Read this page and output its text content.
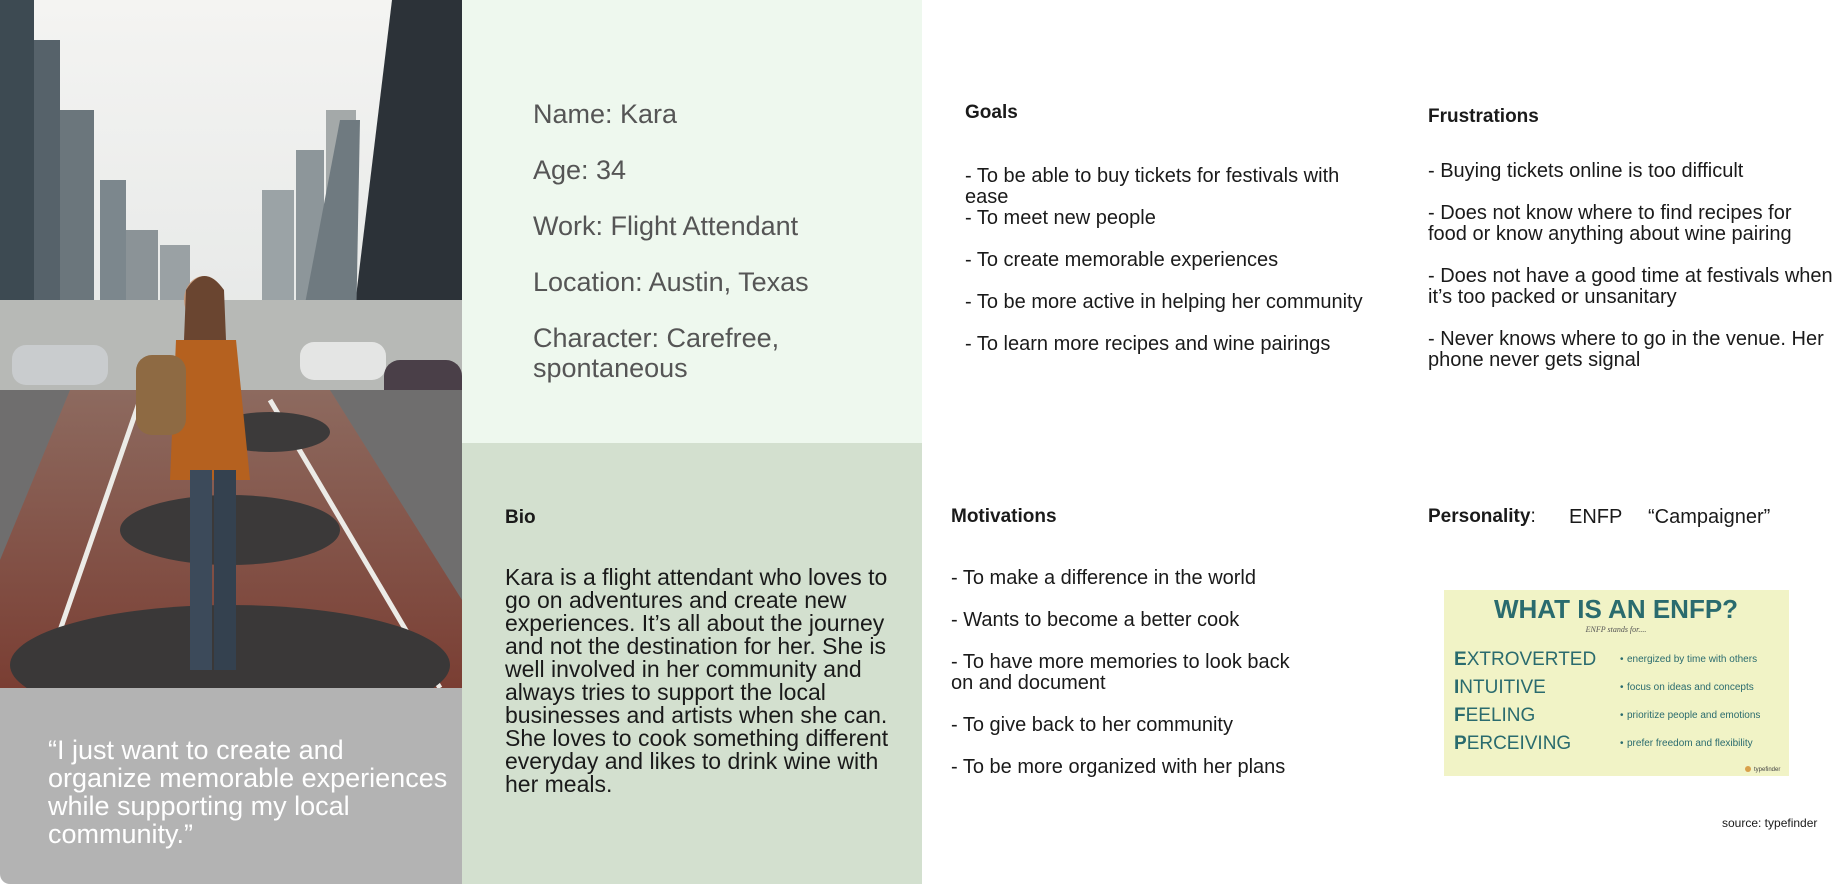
“I just want to create and organize memorable experiences while supporting my local community.”
Name: Kara
Age: 34
Work: Flight Attendant
Location: Austin, Texas
Character: Carefree, spontaneous
Bio
Kara is a flight attendant who loves to go on adventures and create new experiences. It’s all about the journey and not the destination for her. She is well involved in her community and always tries to support the local businesses and artists when she can. She loves to cook something different everyday and likes to drink wine with her meals.
Goals
- To be able to buy tickets for festivals with ease
- To meet new people
- To create memorable experiences
- To be more active in helping her community
- To learn more recipes and wine pairings
Frustrations
- Buying tickets online is too difficult
- Does not know where to find recipes for food or know anything about wine pairing
- Does not have a good time at festivals when it’s too packed or unsanitary
- Never knows where to go in the venue. Her phone never gets signal
Motivations
- To make a difference in the world
- Wants to become a better cook
- To have more memories to look back on and document
- To give back to her community
- To be more organized with her plans
Personality: ENFP “Campaigner”
WHAT IS AN ENFP?
ENFP stands for....
EXTROVERTED • energized by time with others
INTUITIVE	• focus on ideas and concepts
FEELING	• prioritize people and emotions
PERCEIVING	• prefer freedom and flexibility
typefinder
source: typefinder
